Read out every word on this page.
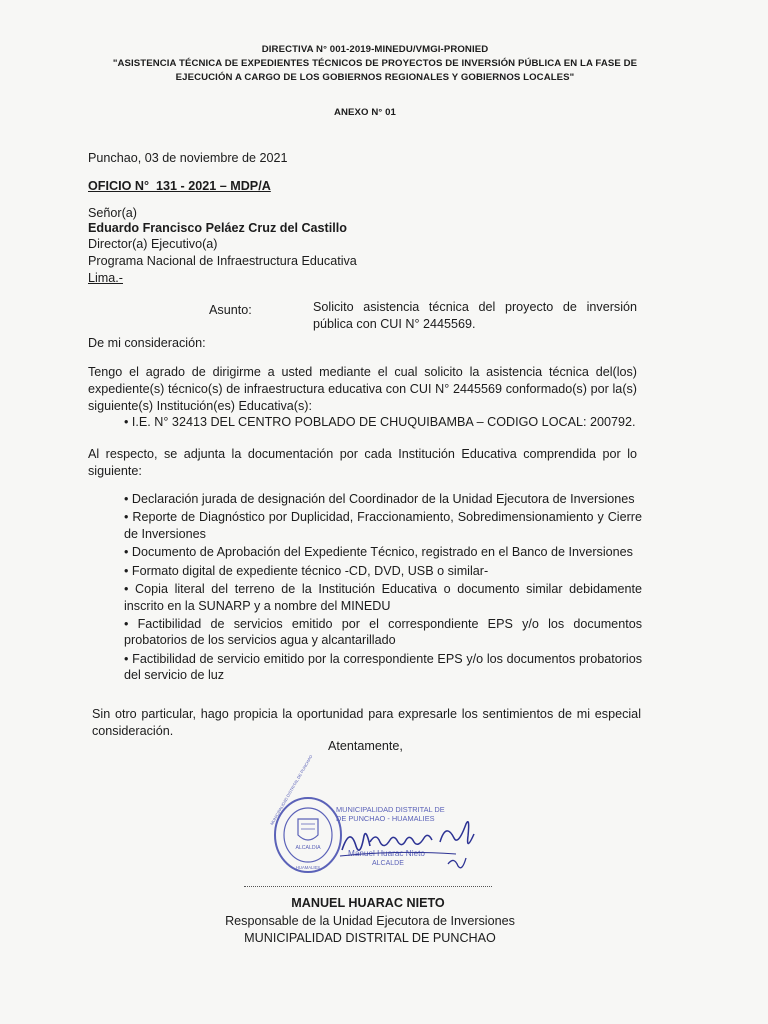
DIRECTIVA N° 001-2019-MINEDU/VMGI-PRONIED
"ASISTENCIA TÉCNICA DE EXPEDIENTES TÉCNICOS DE PROYECTOS DE INVERSIÓN PÚBLICA EN LA FASE DE
EJECUCIÓN A CARGO DE LOS GOBIERNOS REGIONALES Y GOBIERNOS LOCALES"
ANEXO N° 01
Punchao, 03 de noviembre de 2021
OFICIO N°  131 - 2021 – MDP/A
Señor(a)
Eduardo Francisco Peláez Cruz del Castillo
Director(a) Ejecutivo(a)
Programa Nacional de Infraestructura Educativa
Lima.-
Asunto:	Solicito asistencia técnica del proyecto de inversión pública con CUI N° 2445569.
De mi consideración:
Tengo el agrado de dirigirme a usted mediante el cual solicito la asistencia técnica del(los) expediente(s) técnico(s) de infraestructura educativa con CUI N° 2445569 conformado(s) por la(s) siguiente(s) Institución(es) Educativa(s):
• I.E. N° 32413 DEL CENTRO POBLADO DE CHUQUIBAMBA – CODIGO LOCAL: 200792.
Al respecto, se adjunta la documentación por cada Institución Educativa comprendida por lo siguiente:
• Declaración jurada de designación del Coordinador de la Unidad Ejecutora de Inversiones
• Reporte de Diagnóstico por Duplicidad, Fraccionamiento, Sobredimensionamiento y Cierre de Inversiones
• Documento de Aprobación del Expediente Técnico, registrado en el Banco de Inversiones
• Formato digital de expediente técnico -CD, DVD, USB o similar-
• Copia literal del terreno de la Institución Educativa o documento similar debidamente inscrito en la SUNARP y a nombre del MINEDU
• Factibilidad de servicios emitido por el correspondiente EPS y/o los documentos probatorios de los servicios agua y alcantarillado
• Factibilidad de servicio emitido por la correspondiente EPS y/o los documentos probatorios del servicio de luz
Sin otro particular, hago propicia la oportunidad para expresarle los sentimientos de mi especial consideración.
Atentamente,
ALCALDIA
HUAMALIES
MUNICIPALIDAD DISTRITAL DE PUNCHAO	MUNICIPALIDAD DISTRITAL DE
DE PUNCHAO - HUAMALIES
Manuel Huarac Nieto
ALCALDE
MANUEL HUARAC NIETO
Responsable de la Unidad Ejecutora de Inversiones
MUNICIPALIDAD DISTRITAL DE PUNCHAO
